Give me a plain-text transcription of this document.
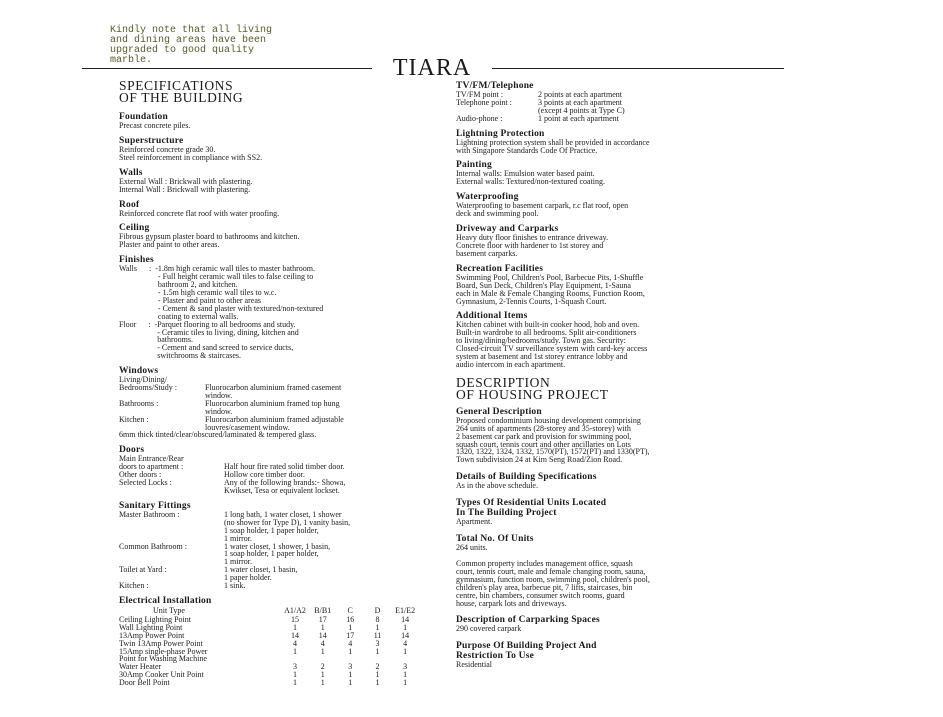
Kindly note that all living
and dining areas have been
upgraded to good quality
marble.	TIARA
SPECIFICATIONS
OF THE BUILDING
Foundation
Precast concrete piles.
Superstructure
Reinforced concrete grade 30.
Steel reinforcement in compliance with SS2.
Walls
External Wall : Brickwall with plastering.
Internal Wall : Brickwall with plastering.
Roof
Reinforced concrete flat roof with water proofing.
Ceiling
Fibrous gypsum plaster board to bathrooms and kitchen.
Plaster and paint to other areas.
Finishes
Walls      :  - 1.8m high ceramic wall tiles to master bathroom.
- Full height ceramic wall tiles to false ceiling to
bathroom 2, and kitchen.
- 1.5m high ceramic wall tiles to w.c.
- Plaster and paint to other areas
- Cement & sand plaster with textured/non-textured
coating to external walls.
Floor      :  - Parquet flooring to all bedrooms and study.
- Ceramic tiles to living, dining, kitchen and
bathrooms.
- Cement and sand screed to service ducts,
switchrooms & staircases.
Windows
Living/Dining/
Bedrooms/Study :	Fluorocarbon aluminium framed casement
window.
Bathrooms :	Fluorocarbon aluminium framed top hung
window.
Kitchen :	Fluorocarbon aluminium framed adjustable
louvres/casement window.
6mm thick tinted/clear/obscured/laminated & tempered glass.
Doors
Main Entrance/Rear
doors to apartment :	Half hour fire rated solid timber door.
Other doors :	Hollow core timber door.
Selected Locks :	Any of the following brands:- Showa,
Kwikset, Tesa or equivalent lockset.
Sanitary Fittings
Master Bathroom :	1 long bath, 1 water closet, 1 shower
(no shower for Type D), 1 vanity basin,
1 soap holder, 1 paper holder,
1 mirror.
Common Bathroom :	1 water closet, 1 shower, 1 basin,
1 soap holder, 1 paper holder,
1 mirror.
Toilet at Yard :	1 water closet, 1 basin,
1 paper holder.
Kitchen :	1 sink.
Electrical Installation
Unit Type	A1/A2	B/B1	C	D	E1/E2
Ceiling Lighting Point	15	17	16	8	14
Wall Lighting Point	1	1	1	1	1
13Amp Power Point	14	14	17	11	14
Twin 13Amp Power Point	4	4	4	3	4
15Amp single-phase Power	1	1	1	1	1
Point for Washing Machine					
Water Heater	3	2	3	2	3
30Amp Cooker Unit Point	1	1	1	1	1
Door Bell Point	1	1	1	1	1
TV/FM/Telephone
TV/FM point :	2 points at each apartment
Telephone point :	3 points at each apartment
(except 4 points at Type C)
Audio-phone :	1 point at each apartment
Lightning Protection
Lightning protection system shall be provided in accordance
with Singapore Standards Code Of Practice.
Painting
Internal walls: Emulsion water based paint.
External walls: Textured/non-textured coating.
Waterproofing
Waterproofing to basement carpark, r.c flat roof, open
deck and swimming pool.
Driveway and Carparks
Heavy duty floor finishes to entrance driveway.
Concrete floor with hardener to 1st storey and
basement carparks.
Recreation Facilities
Swimming Pool, Children's Pool, Barbecue Pits, 1-Shuffle
Board, Sun Deck, Children's Play Equipment, 1-Sauna
each in Male & Female Changing Rooms, Function Room,
Gymnasium, 2-Tennis Courts, 1-Squash Court.
Additional Items
Kitchen cabinet with built-in cooker hood, hob and oven.
Built-in wardrobe to all bedrooms. Split air-conditioners
to living/dining/bedrooms/study. Town gas. Security:
Closed-circuit TV surveillance system with card-key access
system at basement and 1st storey entrance lobby and
audio intercom in each apartment.
DESCRIPTION
OF HOUSING PROJECT
General Description
Proposed condominium housing development comprising
264 units of apartments (28-storey and 35-storey) with
2 basement car park and provision for swimming pool,
squash court, tennis court and other ancillaries on Lots
1320, 1322, 1324, 1332, 1570(PT), 1572(PT) and 1330(PT),
Town subdivision 24 at Kim Seng Road/Zion Road.
Details of Building Specifications
As in the above schedule.
Types Of Residential Units Located
In The Building Project
Apartment.
Total No. Of Units
264 units.
Common property includes management office, squash
court, tennis court, male and female changing room, sauna,
gymnasium, function room, swimming pool, children's pool,
children's play area, barbecue pit, 7 lifts, staircases, bin
centre, bin chambers, consumer switch rooms, guard
house, carpark lots and driveways.
Description of Carparking Spaces
290 covered carpark
Purpose Of Building Project And
Restriction To Use
Residential
